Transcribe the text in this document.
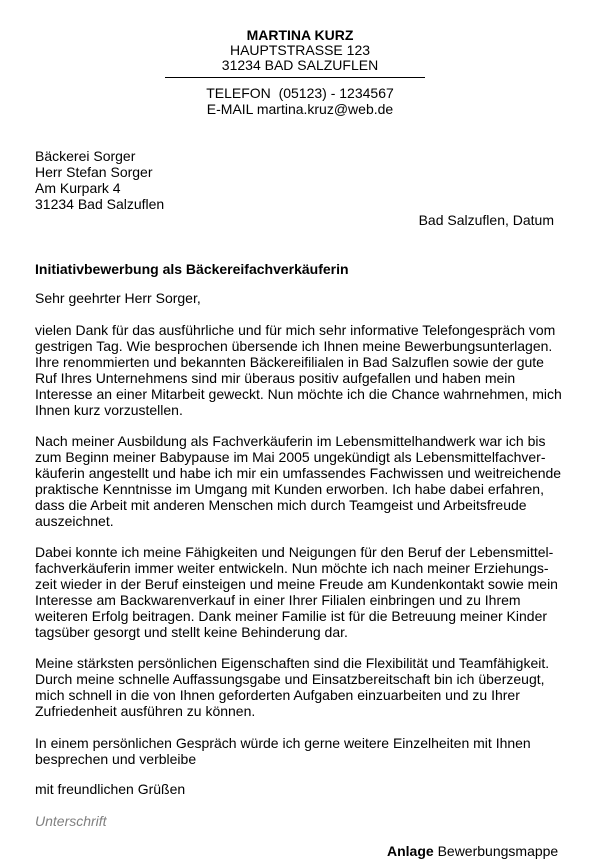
MARTINA KURZ
HAUPTSTRASSE 123
31234 BAD SALZUFLEN
TELEFON  (05123) - 1234567
E-MAIL martina.kruz@web.de
Bäckerei Sorger
Herr Stefan Sorger
Am Kurpark 4
31234 Bad Salzuflen
Bad Salzuflen, Datum
Initiativbewerbung als Bäckereifachverkäuferin
Sehr geehrter Herr Sorger,
vielen Dank für das ausführliche und für mich sehr informative Telefongespräch vom
gestrigen Tag. Wie besprochen übersende ich Ihnen meine Bewerbungsunterlagen.
Ihre renommierten und bekannten Bäckereifilialen in Bad Salzuflen sowie der gute
Ruf Ihres Unternehmens sind mir überaus positiv aufgefallen und haben mein
Interesse an einer Mitarbeit geweckt. Nun möchte ich die Chance wahrnehmen, mich
Ihnen kurz vorzustellen.
Nach meiner Ausbildung als Fachverkäuferin im Lebensmittelhandwerk war ich bis
zum Beginn meiner Babypause im Mai 2005 ungekündigt als Lebensmittelfachver-
käuferin angestellt und habe ich mir ein umfassendes Fachwissen und weitreichende
praktische Kenntnisse im Umgang mit Kunden erworben. Ich habe dabei erfahren,
dass die Arbeit mit anderen Menschen mich durch Teamgeist und Arbeitsfreude
auszeichnet.
Dabei konnte ich meine Fähigkeiten und Neigungen für den Beruf der Lebensmittel-
fachverkäuferin immer weiter entwickeln. Nun möchte ich nach meiner Erziehungs-
zeit wieder in der Beruf einsteigen und meine Freude am Kundenkontakt sowie mein
Interesse am Backwarenverkauf in einer Ihrer Filialen einbringen und zu Ihrem
weiteren Erfolg beitragen. Dank meiner Familie ist für die Betreuung meiner Kinder
tagsüber gesorgt und stellt keine Behinderung dar.
Meine stärksten persönlichen Eigenschaften sind die Flexibilität und Teamfähigkeit.
Durch meine schnelle Auffassungsgabe und Einsatzbereitschaft bin ich überzeugt,
mich schnell in die von Ihnen geforderten Aufgaben einzuarbeiten und zu Ihrer
Zufriedenheit ausführen zu können.
In einem persönlichen Gespräch würde ich gerne weitere Einzelheiten mit Ihnen
besprechen und verbleibe
mit freundlichen Grüßen
Unterschrift
Anlage Bewerbungsmappe
